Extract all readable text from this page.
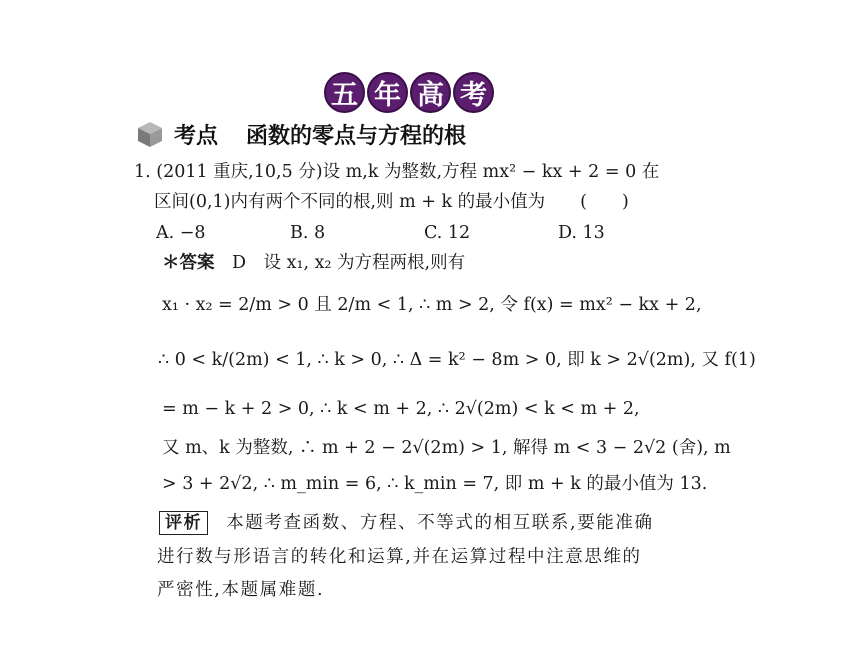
五 年 高 考
考点 函数的零点与方程的根
1. (2011 重庆,10,5 分)设 m,k 为整数,方程 mx² − kx + 2 = 0 在
区间(0,1)内有两个不同的根,则 m + k 的最小值为　　(　　)
A. −8	B. 8	C. 12	D. 13
＊答案  D　设 x₁, x₂ 为方程两根,则有
x₁ · x₂ = 2/m > 0 且 2/m < 1, ∴ m > 2, 令 f(x) = mx² − kx + 2,
∴ 0 < k/(2m) < 1, ∴ k > 0, ∴ Δ = k² − 8m > 0, 即 k > 2√(2m), 又 f(1)
= m − k + 2 > 0, ∴ k < m + 2, ∴ 2√(2m) < k < m + 2,
又 m、k 为整数, ∴ m + 2 − 2√(2m) > 1, 解得 m < 3 − 2√2 (舍), m
> 3 + 2√2, ∴ m_min = 6, ∴ k_min = 7, 即 m + k 的最小值为 13.
评析 本题考查函数、方程、不等式的相互联系,要能准确
进行数与形语言的转化和运算,并在运算过程中注意思维的
严密性,本题属难题.
